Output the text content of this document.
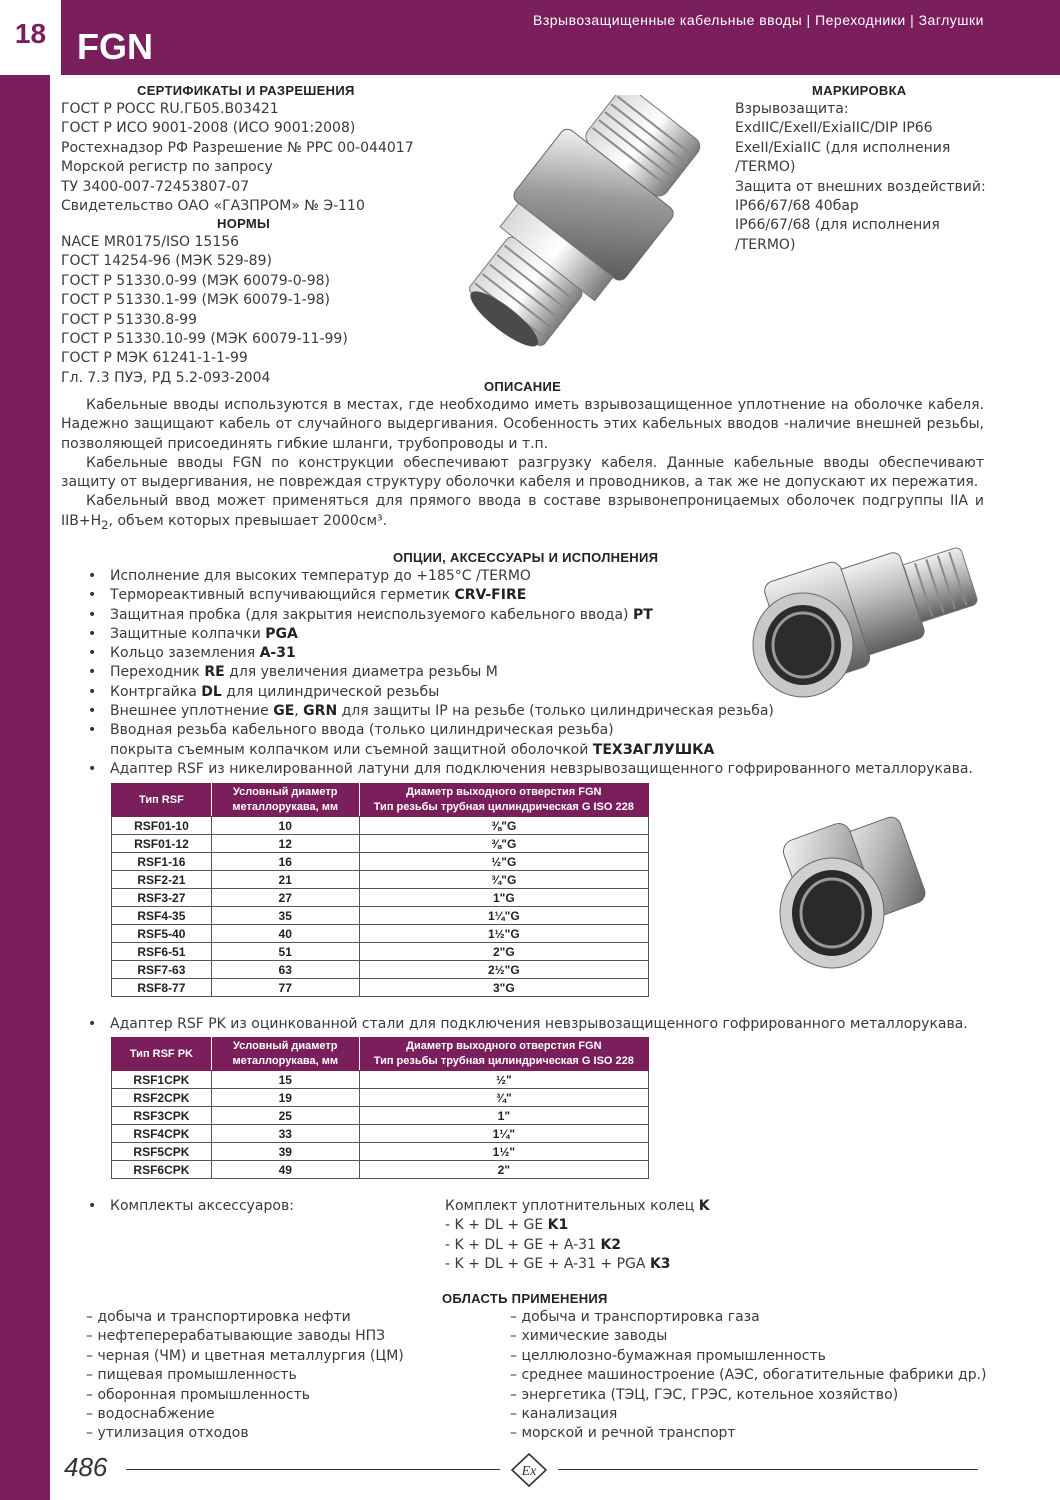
18 FGN
Взрывозащищенные кабельные вводы | Переходники | Заглушки
СЕРТИФИКАТЫ И РАЗРЕШЕНИЯ
ГОСТ Р РОСС RU.ГБ05.В03421
ГОСТ Р ИСО 9001-2008 (ИСО 9001:2008)
Ростехнадзор РФ Разрешение № РРС 00-044017
Морской регистр по запросу
ТУ 3400-007-72453807-07
Свидетельство ОАО «ГАЗПРОМ» № Э-110
НОРМЫ
NACE MR0175/ISO 15156
ГОСТ 14254-96 (МЭК 529-89)
ГОСТ Р 51330.0-99 (МЭК 60079-0-98)
ГОСТ Р 51330.1-99 (МЭК 60079-1-98)
ГОСТ Р 51330.8-99
ГОСТ Р 51330.10-99 (МЭК 60079-11-99)
ГОСТ Р МЭК 61241-1-1-99
Гл. 7.3 ПУЭ, РД 5.2-093-2004
МАРКИРОВКА
Взрывозащита:
ExdIIC/ExeII/ExiaIIC/DIP IP66
ExeII/ExiaIIC (для исполнения
/TERMO)
Защита от внешних воздействий:
IP66/67/68 40бар
IP66/67/68 (для исполнения
/TERMO)
ОПИСАНИЕ

Кабельные вводы используются в местах, где необходимо иметь взрывозащищенное уплотнение на оболочке кабеля. Надежно защищают кабель от случайного выдергивания. Особенность этих кабельных вводов -наличие внешней резьбы, позволяющей присоединять гибкие шланги, трубопроводы и т.п.

Кабельные вводы FGN по конструкции обеспечивают разгрузку кабеля. Данные кабельные вводы обеспечивают защиту от выдергивания, не повреждая структуру оболочки кабеля и проводников, а так же не допускают их пережатия.

Кабельный ввод может применяться для прямого ввода в составе взрывонепроницаемых оболочек подгруппы IIA и $IIB+H_2$, объем которых превышает 2000см³.

ОПЦИИ, АКСЕССУАРЫ И ИСПОЛНЕНИЯ
• Исполнение для высоких температур до +185°С /TERMO
• Термореактивный вспучивающийся герметик CRV-FIRE
• Защитная пробка (для закрытия неиспользуемого кабельного ввода) PT
• Защитные колпачки PGA
• Кольцо заземления A-31
• Переходник RE для увеличения диаметра резьбы М
• Контргайка DL для цилиндрической резьбы
• Внешнее уплотнение GE, GRN для защиты IP на резьбе (только цилиндрическая резьба)
• Вводная резьба кабельного ввода (только цилиндрическая резьба)
покрыта съемным колпачком или съемной защитной оболочкой ТЕХЗАГЛУШКА
• Адаптер RSF из никелированной латуни для подключения невзрывозащищенного гофрированного металлорукава.
Тип RSF	Условный диаметр
металлорукава, мм	Диаметр выходного отверстия FGN
Тип резьбы трубная цилиндрическая G ISO 228
RSF01-10	10	⅜"G
RSF01-12	12	⅜"G
RSF1-16	16	½"G
RSF2-21	21	¾"G
RSF3-27	27	1"G
RSF4-35	35	1¼"G
RSF5-40	40	1½"G
RSF6-51	51	2"G
RSF7-63	63	2½"G
RSF8-77	77	3"G
• Адаптер RSF PK из оцинкованной стали для подключения невзрывозащищенного гофрированного металлорукава.
Тип RSF PK	Условный диаметр
металлорукава, мм	Диаметр выходного отверстия FGN
Тип резьбы трубная цилиндрическая G ISO 228
RSF1CPK	15	½"
RSF2CPK	19	¾"
RSF3CPK	25	1"
RSF4CPK	33	1¼"
RSF5CPK	39	1½"
RSF6CPK	49	2"
• Комплекты аксессуаров:	Комплект уплотнительных колец K
- K + DL + GE K1
- K + DL + GE + A-31 K2
- K + DL + GE + A-31 + PGA K3
ОБЛАСТЬ ПРИМЕНЕНИЯ
– добыча и транспортировка нефти
– нефтеперерабатывающие заводы НПЗ
– черная (ЧМ) и цветная металлургия (ЦМ)
– пищевая промышленность
– оборонная промышленность
– водоснабжение
– утилизация отходов
– добыча и транспортировка газа
– химические заводы
– целлюлозно-бумажная промышленность
– среднее машиностроение (АЭС, обогатительные фабрики др.)
– энергетика (ТЭЦ, ГЭС, ГРЭС, котельное хозяйство)
– канализация
– морской и речной транспорт
486	Ex
